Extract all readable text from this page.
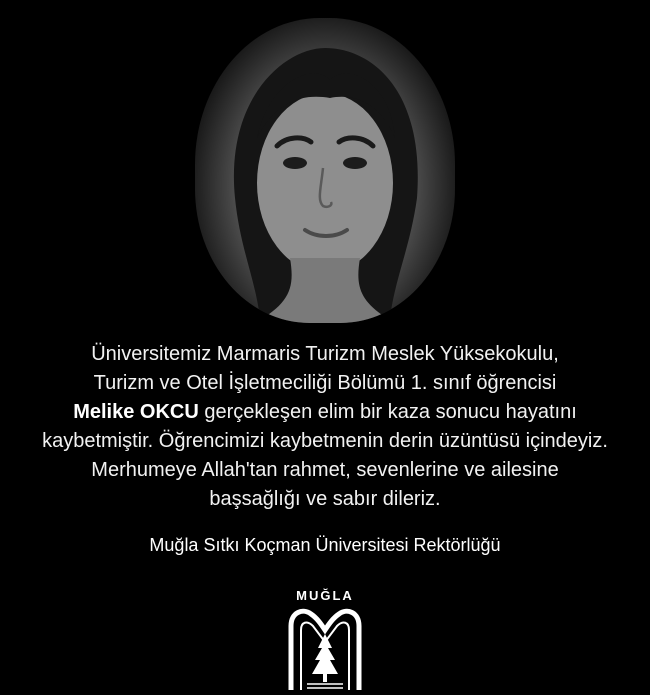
Üniversitemiz Marmaris Turizm Meslek Yüksekokulu,
Turizm ve Otel İşletmeciliği Bölümü 1. sınıf öğrencisi
Melike OKCU gerçekleşen elim bir kaza sonucu hayatını
kaybetmiştir. Öğrencimizi kaybetmenin derin üzüntüsü içindeyiz.
Merhumeye Allah'tan rahmet, sevenlerine ve ailesine
başsağlığı ve sabır dileriz.
Muğla Sıtkı Koçman Üniversitesi Rektörlüğü
MUĞLA
